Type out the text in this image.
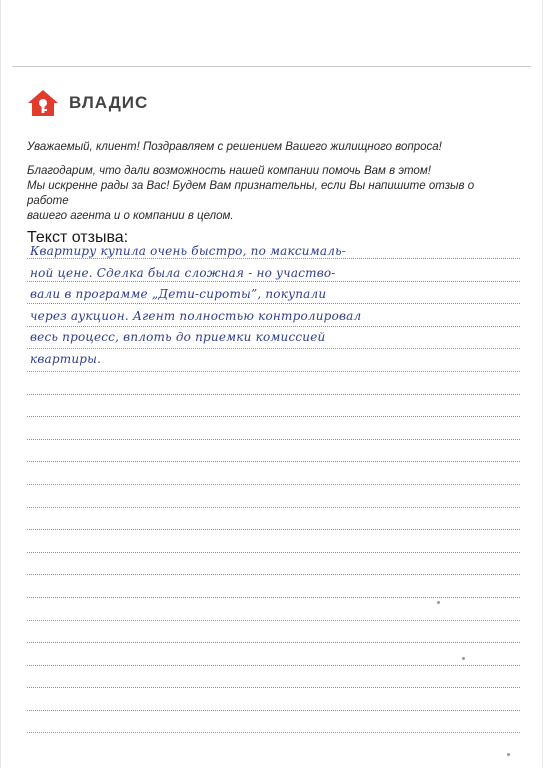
ВЛАДИС

Уважаемый, клиент! Поздравляем с решением Вашего жилищного вопроса!

Благодарим, что дали возможность нашей компании помочь Вам в этом!

Мы искренне рады за Вас! Будем Вам признательны, если Вы напишите отзыв о работе

вашего агента и о компании в целом.

Текст отзыва:
Квартиру купила очень быстро, по максималь-
ной цене. Сделка была сложная - но участво-
вали в программе „Дети-сироты”, покупали
через аукцион. Агент полностью контролировал
весь процесс, вплоть до приемки комиссией
квартиры.
